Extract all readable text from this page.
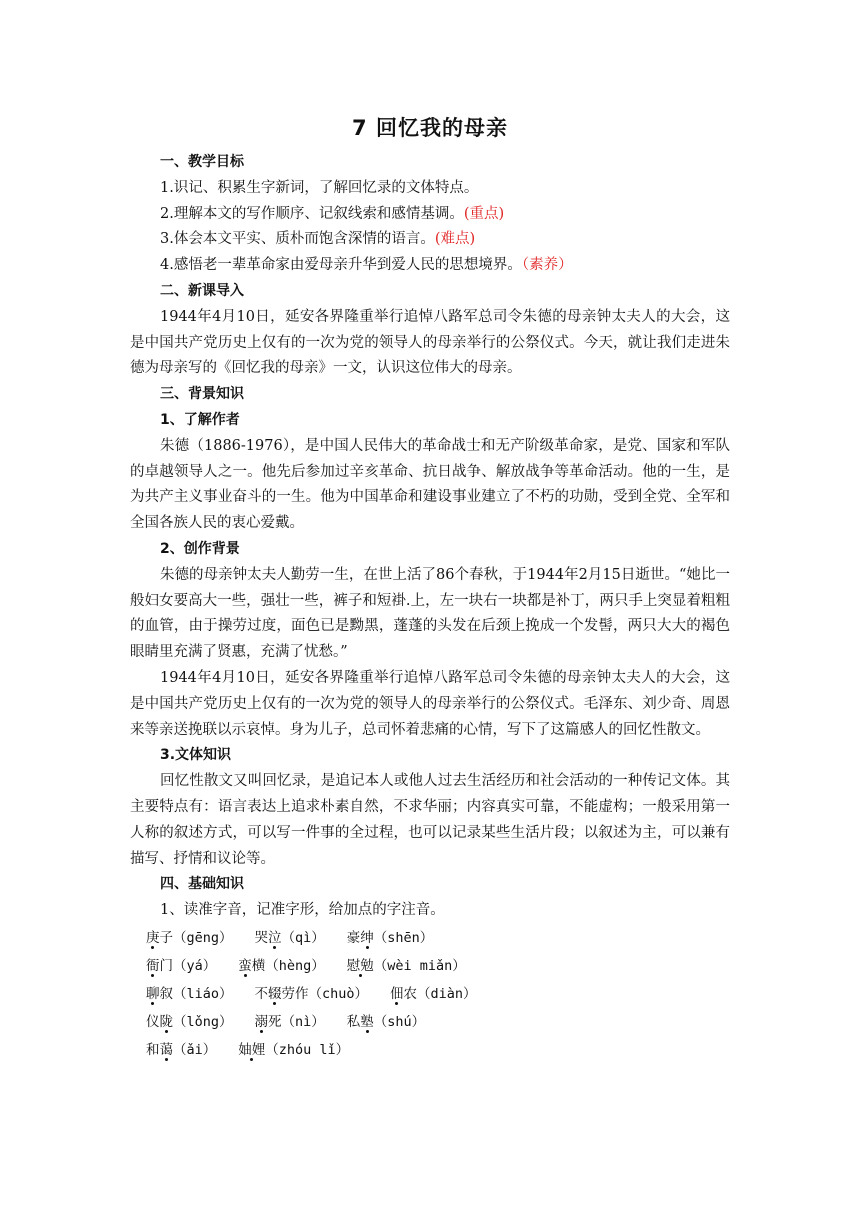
7 回忆我的母亲

一、教学目标

1.识记、积累生字新词，了解回忆录的文体特点。

2.理解本文的写作顺序、记叙线索和感情基调。(重点)

3.体会本文平实、质朴而饱含深情的语言。(难点)

4.感悟老一辈革命家由爱母亲升华到爱人民的思想境界。（素养）

二、新课导入

1944年4月10日，延安各界隆重举行追悼八路军总司令朱德的母亲钟太夫人的大会，这是中国共产党历史上仅有的一次为党的领导人的母亲举行的公祭仪式。今天，就让我们走进朱德为母亲写的《回忆我的母亲》一文，认识这位伟大的母亲。

三、背景知识

1、了解作者

朱德（1886-1976），是中国人民伟大的革命战士和无产阶级革命家，是党、国家和军队的卓越领导人之一。他先后参加过辛亥革命、抗日战争、解放战争等革命活动。他的一生，是为共产主义事业奋斗的一生。他为中国革命和建设事业建立了不朽的功勋，受到全党、全军和全国各族人民的衷心爱戴。

2、创作背景

朱德的母亲钟太夫人勤劳一生，在世上活了86个春秋，于1944年2月15日逝世。“她比一般妇女要高大一些，强壮一些，裤子和短褂.上，左一块右一块都是补丁，两只手上突显着粗粗的血管，由于操劳过度，面色已是黝黑，蓬蓬的头发在后颈上挽成一个发髻，两只大大的褐色眼睛里充满了贤惠，充满了忧愁。”

1944年4月10日，延安各界隆重举行追悼八路军总司令朱德的母亲钟太夫人的大会，这是中国共产党历史上仅有的一次为党的领导人的母亲举行的公祭仪式。毛泽东、刘少奇、周恩来等亲送挽联以示哀悼。身为儿子，总司怀着悲痛的心情，写下了这篇感人的回忆性散文。

3.文体知识

回忆性散文又叫回忆录，是追记本人或他人过去生活经历和社会活动的一种传记文体。其主要特点有：语言表达上追求朴素自然，不求华丽；内容真实可靠，不能虚构；一般采用第一人称的叙述方式，可以写一件事的全过程，也可以记录某些生活片段；以叙述为主，可以兼有描写、抒情和议论等。

四、基础知识

1、读准字音，记准字形，给加点的字注音。

庚子（gēng） 哭泣（qì） 豪绅（shēn）
衙门（yá） 蛮横（hèng） 慰勉（wèi miǎn）
聊叙（liáo） 不辍劳作（chuò） 佃农（diàn）
仪陇（lǒng） 溺死（nì） 私塾（shú）
和蔼（ǎi） 妯娌（zhóu lǐ）
